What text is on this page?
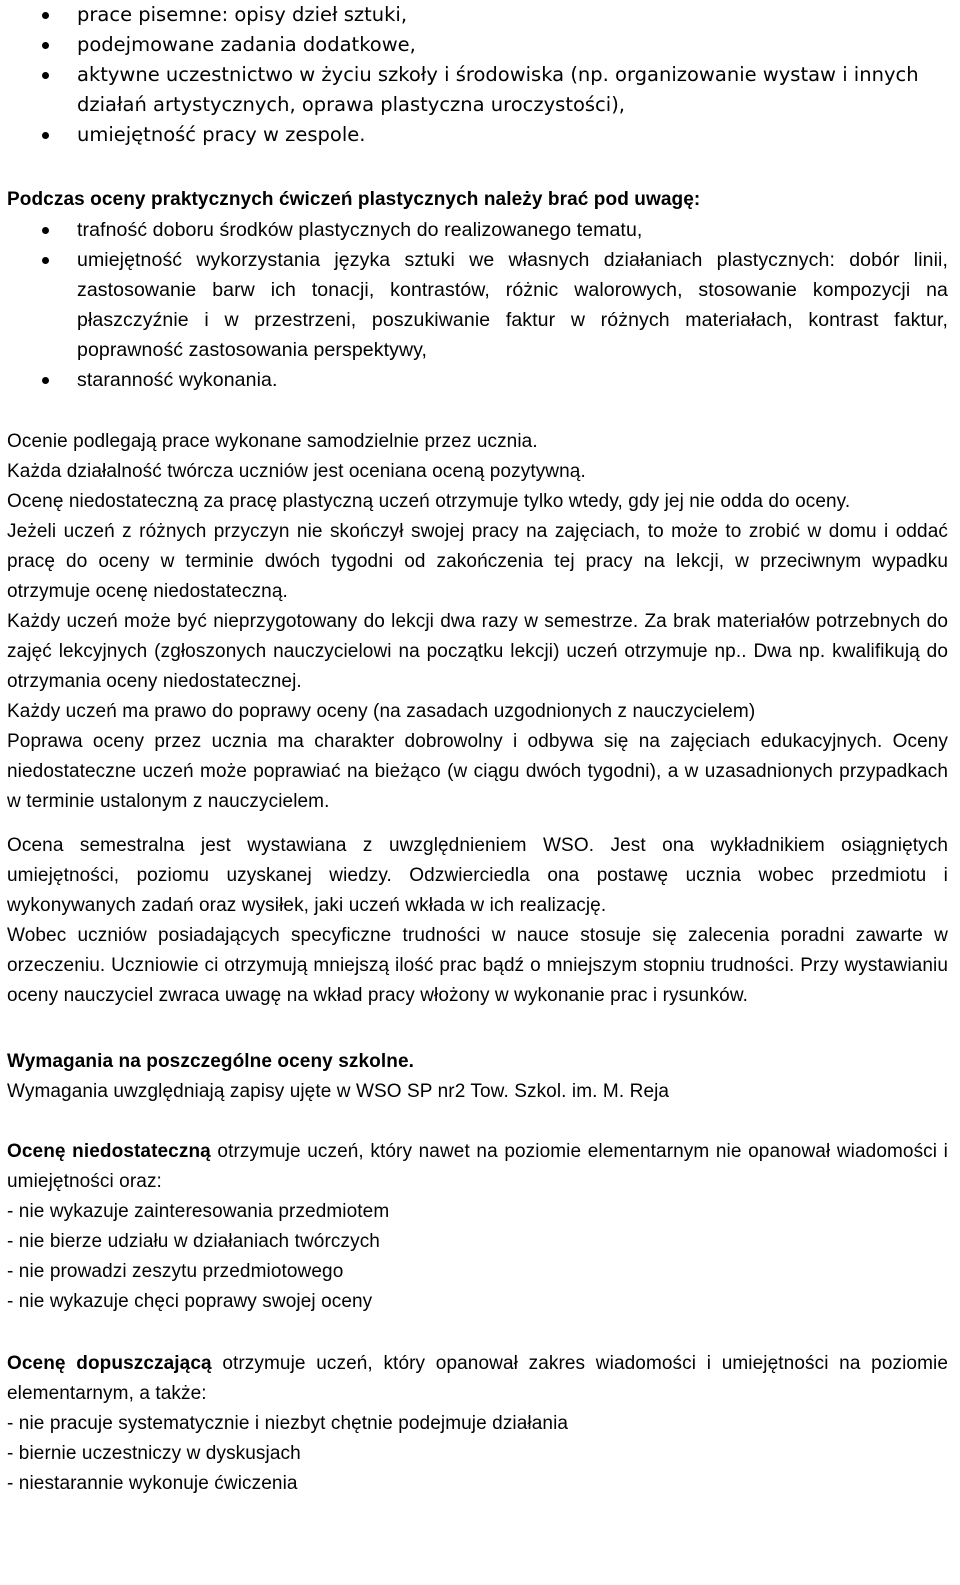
prace pisemne: opisy dzieł sztuki,
podejmowane zadania dodatkowe,
aktywne uczestnictwo w życiu szkoły i środowiska (np. organizowanie wystaw i innych działań artystycznych, oprawa plastyczna uroczystości),
umiejętność pracy w zespole.

Podczas oceny praktycznych ćwiczeń plastycznych należy brać pod uwagę:

trafność doboru środków plastycznych do realizowanego tematu,
umiejętność wykorzystania języka sztuki we własnych działaniach plastycznych: dobór linii, zastosowanie barw ich tonacji, kontrastów, różnic walorowych, stosowanie kompozycji na płaszczyźnie i w przestrzeni, poszukiwanie faktur w różnych materiałach, kontrast faktur, poprawność zastosowania perspektywy,
staranność wykonania.

Ocenie podlegają prace wykonane samodzielnie przez ucznia.

Każda działalność twórcza uczniów jest oceniana oceną pozytywną.

Ocenę niedostateczną za pracę plastyczną uczeń otrzymuje tylko wtedy, gdy jej nie odda do oceny.

Jeżeli uczeń z różnych przyczyn nie skończył swojej pracy na zajęciach, to może to zrobić w domu i oddać pracę do oceny w terminie dwóch tygodni od zakończenia tej pracy na lekcji, w przeciwnym wypadku otrzymuje ocenę niedostateczną.

Każdy uczeń może być nieprzygotowany do lekcji dwa razy w semestrze. Za brak materiałów potrzebnych do zajęć lekcyjnych (zgłoszonych nauczycielowi na początku lekcji) uczeń otrzymuje np.. Dwa np. kwalifikują do otrzymania oceny niedostatecznej.

Każdy uczeń ma prawo do poprawy oceny (na zasadach uzgodnionych z nauczycielem)

Poprawa oceny przez ucznia ma charakter dobrowolny i odbywa się na zajęciach edukacyjnych. Oceny niedostateczne uczeń może poprawiać na bieżąco (w ciągu dwóch tygodni), a w uzasadnionych przypadkach w terminie ustalonym z nauczycielem.

Ocena semestralna jest wystawiana z uwzględnieniem WSO. Jest ona wykładnikiem osiągniętych umiejętności, poziomu uzyskanej wiedzy. Odzwierciedla ona postawę ucznia wobec przedmiotu i wykonywanych zadań oraz wysiłek, jaki uczeń wkłada w ich realizację.

Wobec uczniów posiadających specyficzne trudności w nauce stosuje się zalecenia poradni zawarte w orzeczeniu. Uczniowie ci otrzymują mniejszą ilość prac bądź o mniejszym stopniu trudności. Przy wystawianiu oceny nauczyciel zwraca uwagę na wkład pracy włożony w wykonanie prac i rysunków.

Wymagania na poszczególne oceny szkolne.

Wymagania uwzględniają zapisy ujęte w WSO SP nr2 Tow. Szkol. im. M. Reja

Ocenę niedostateczną otrzymuje uczeń, który nawet na poziomie elementarnym nie opanował wiadomości i umiejętności oraz:

- nie wykazuje zainteresowania przedmiotem
- nie bierze udziału w działaniach twórczych
- nie prowadzi zeszytu przedmiotowego
- nie wykazuje chęci poprawy swojej oceny

Ocenę dopuszczającą otrzymuje uczeń, który opanował zakres wiadomości i umiejętności na poziomie elementarnym, a także:

- nie pracuje systematycznie i niezbyt chętnie podejmuje działania
- biernie uczestniczy w dyskusjach
- niestarannie wykonuje ćwiczenia
